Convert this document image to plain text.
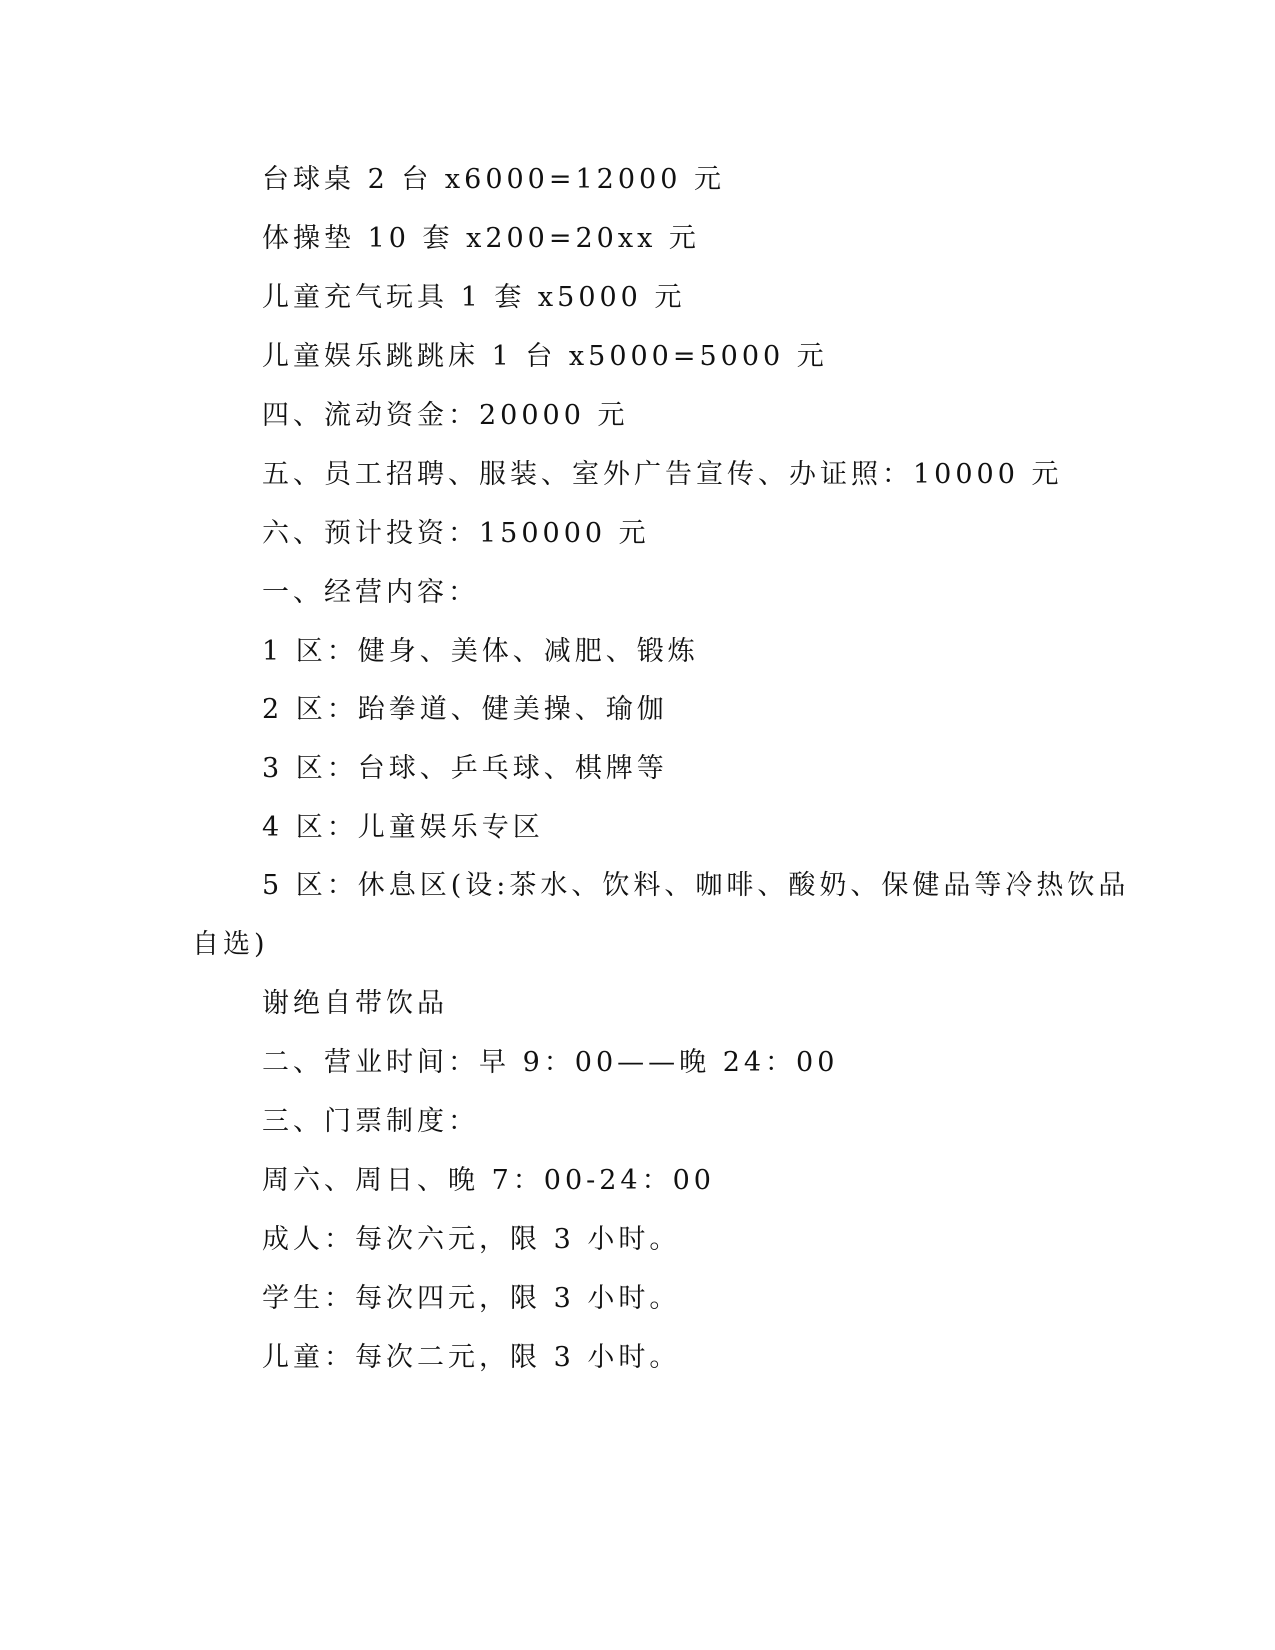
台球桌 2 台 x6000=12000 元
体操垫 10 套 x200=20xx 元
儿童充气玩具 1 套 x5000 元
儿童娱乐跳跳床 1 台 x5000=5000 元
四、流动资金：20000 元
五、员工招聘、服装、室外广告宣传、办证照：10000 元
六、预计投资：150000 元
一、经营内容：
1 区：健身、美体、减肥、锻炼
2 区：跆拳道、健美操、瑜伽
3 区：台球、乒乓球、棋牌等
4 区：儿童娱乐专区
5 区：休息区(设:茶水、饮料、咖啡、酸奶、保健品等冷热饮品
自选)
谢绝自带饮品
二、营业时间：早 9：00——晚 24：00
三、门票制度：
周六、周日、晚 7：00-24：00
成人：每次六元，限 3 小时。
学生：每次四元，限 3 小时。
儿童：每次二元，限 3 小时。
